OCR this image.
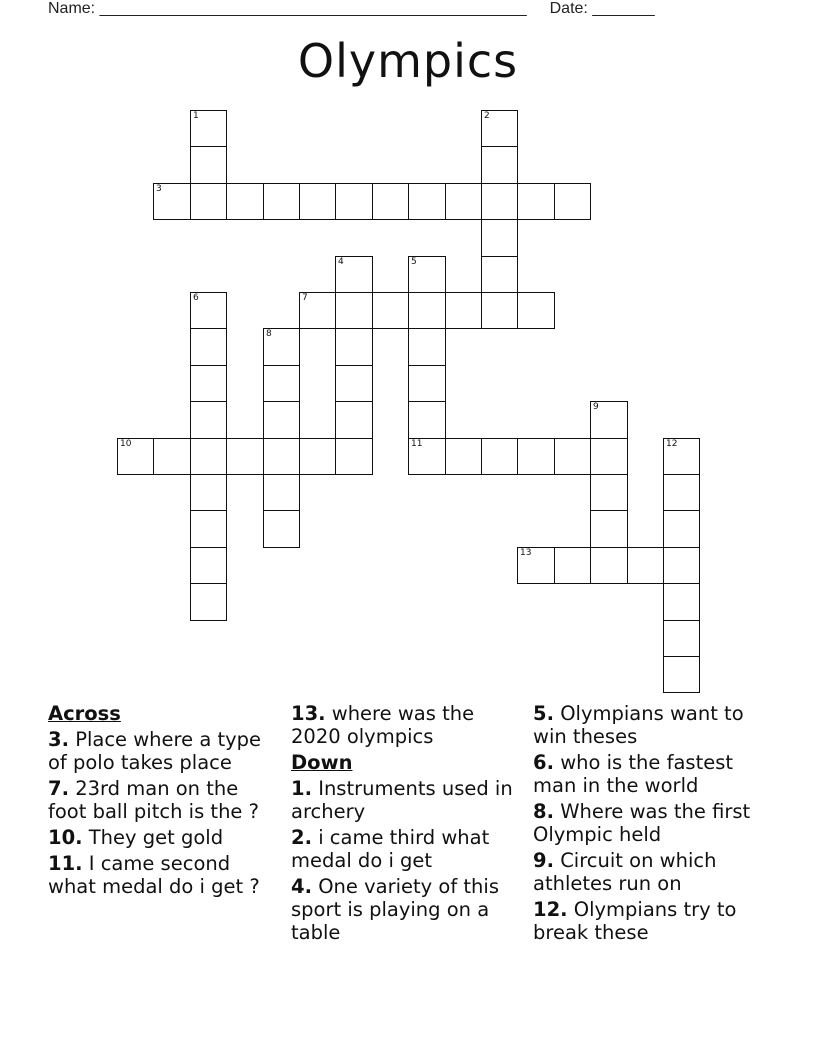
Name: ________________________________________________ Date: _______
Olympics
1	2
4	5
11
6
8
9
12
3
7
10
13
Across
3. Place where a type of polo takes place
7. 23rd man on the foot ball pitch is the ?
10. They get gold
11. I came second what medal do i get ?
13. where was the 2020 olympics
Down
1. Instruments used in archery
2. i came third what medal do i get
4. One variety of this sport is playing on a table
5. Olympians want to win theses
6. who is the fastest man in the world
8. Where was the first Olympic held
9. Circuit on which athletes run on
12. Olympians try to break these
